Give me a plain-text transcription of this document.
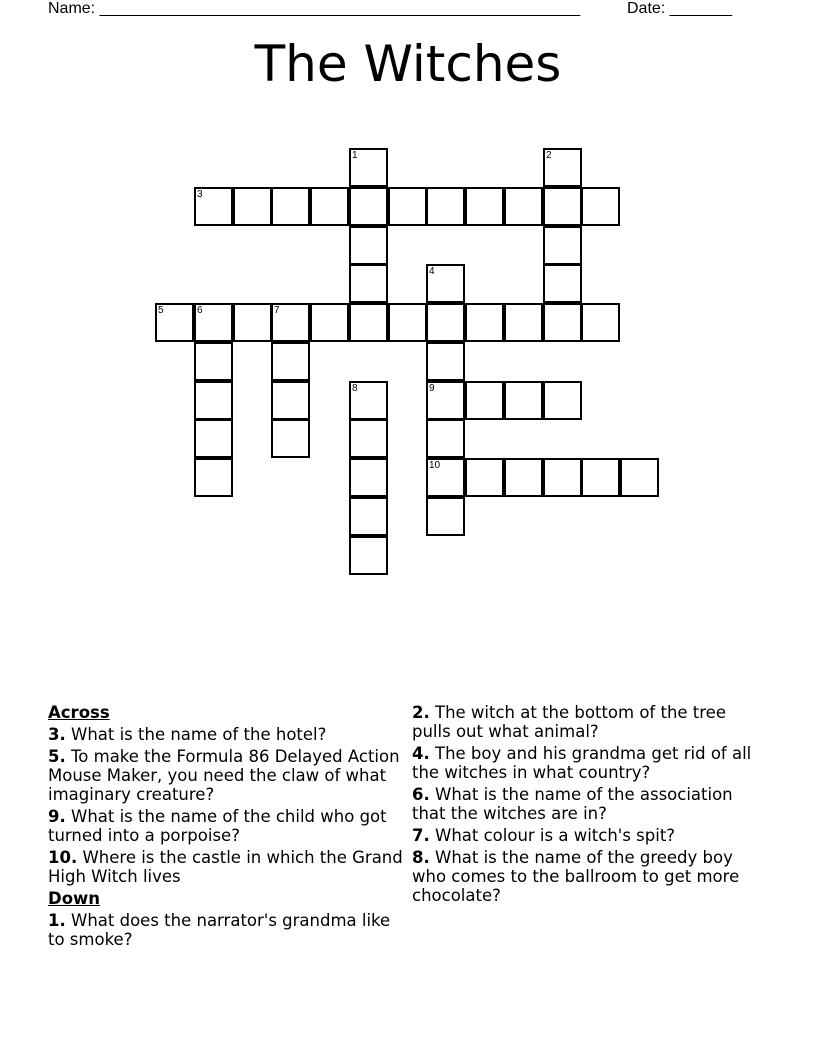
Name: ______________________________________________________	Date: _______
The Witches
1	2
3
4
5	6	7
8	9
10
Across
3. What is the name of the hotel?
5. To make the Formula 86 Delayed Action Mouse Maker, you need the claw of what imaginary creature?
9. What is the name of the child who got turned into a porpoise?
10. Where is the castle in which the Grand High Witch lives
Down
1. What does the narrator's grandma like to smoke?
2. The witch at the bottom of the tree pulls out what animal?
4. The boy and his grandma get rid of all the witches in what country?
6. What is the name of the association that the witches are in?
7. What colour is a witch's spit?
8. What is the name of the greedy boy who comes to the ballroom to get more chocolate?
